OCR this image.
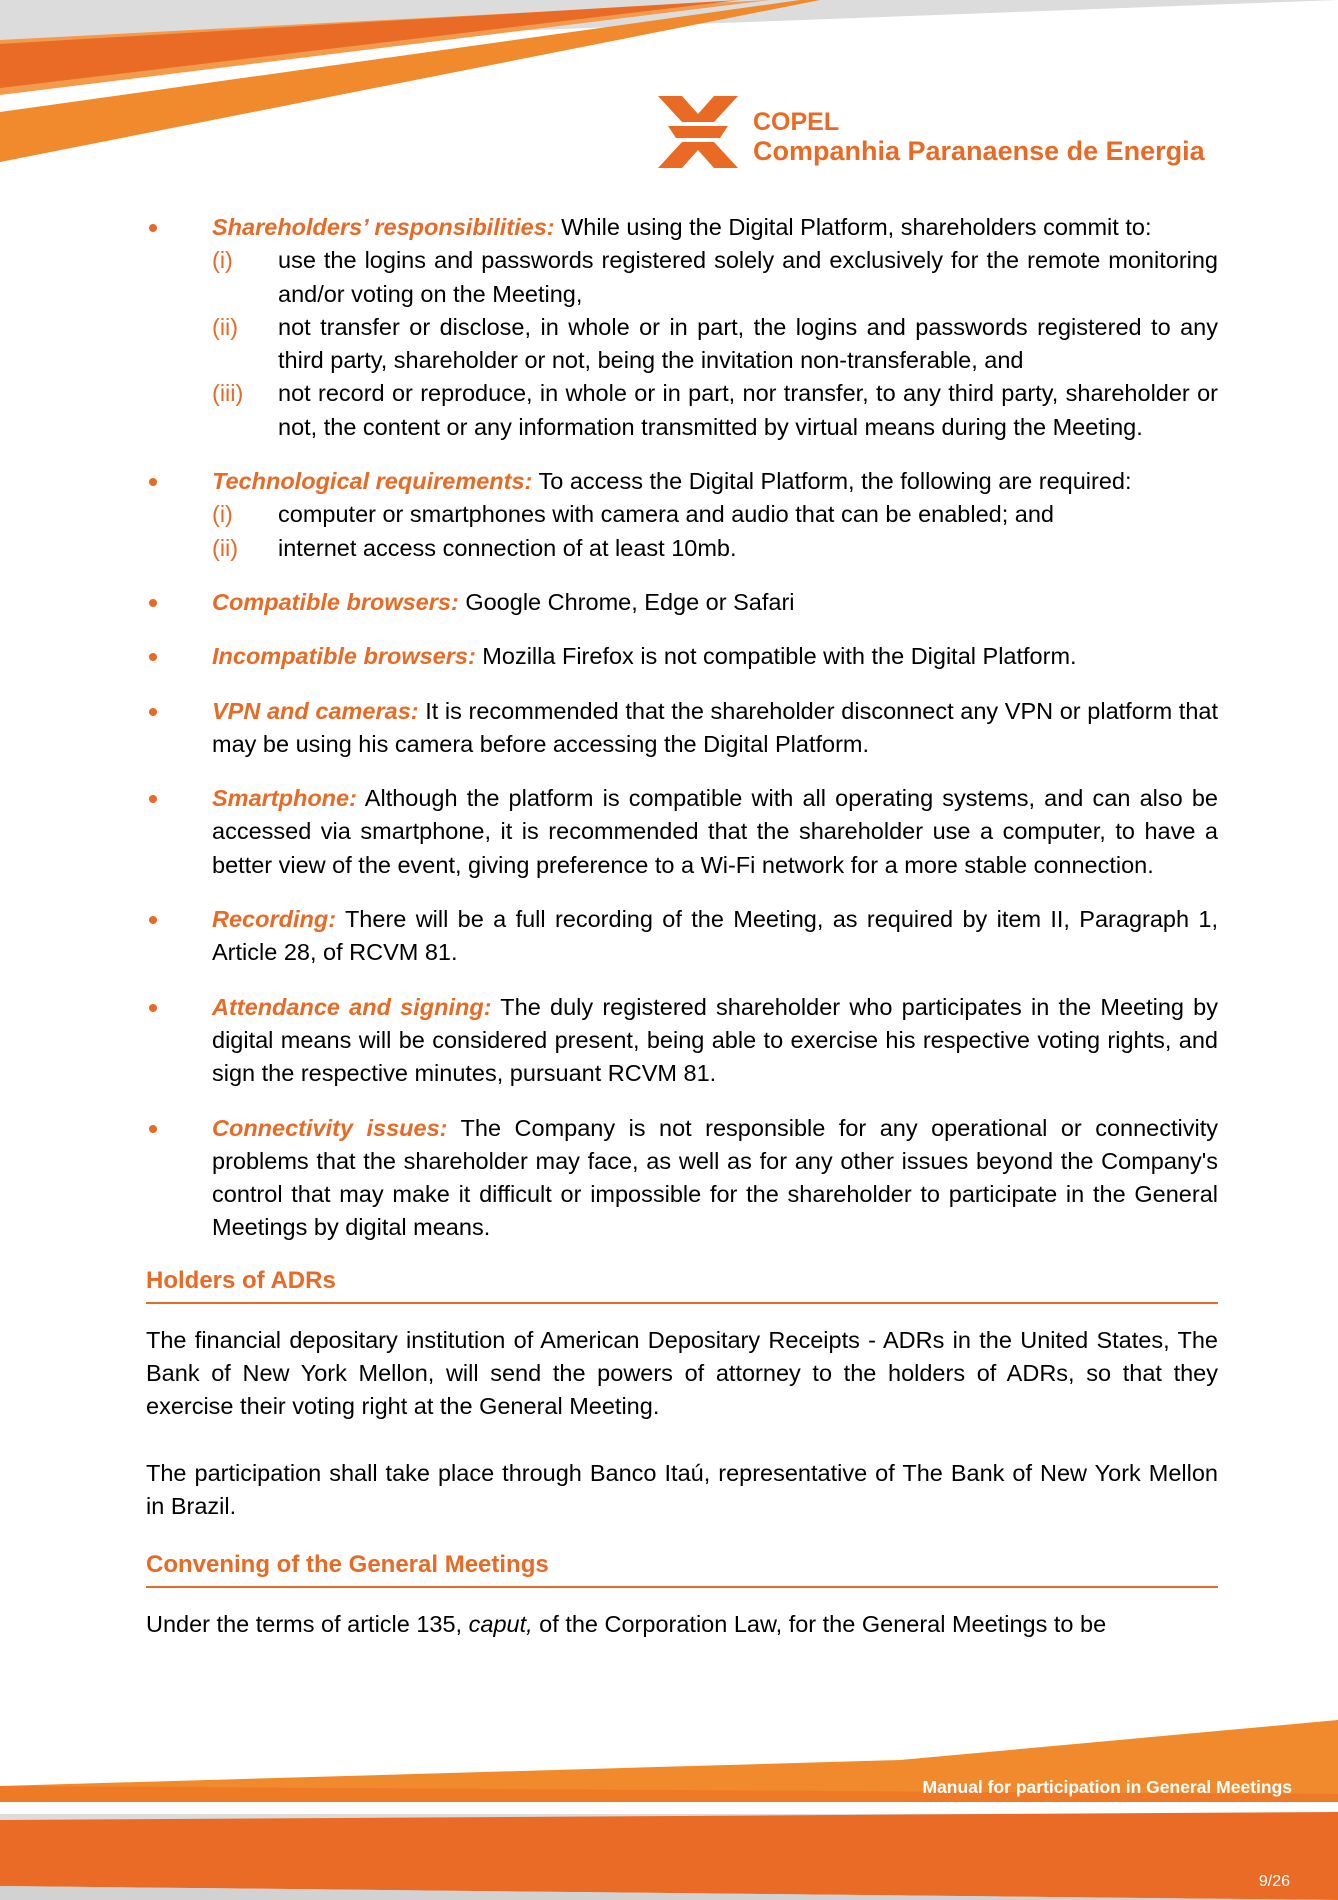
COPEL
Companhia Paranaense de Energia

Shareholders’ responsibilities: While using the Digital Platform, shareholders commit to:

(i) use the logins and passwords registered solely and exclusively for the remote monitoring and/or voting on the Meeting,
(ii) not transfer or disclose, in whole or in part, the logins and passwords registered to any third party, shareholder or not, being the invitation non-transferable, and
(iii) not record or reproduce, in whole or in part, nor transfer, to any third party, shareholder or not, the content or any information transmitted by virtual means during the Meeting.

Technological requirements: To access the Digital Platform, the following are required:

(i) computer or smartphones with camera and audio that can be enabled; and
(ii) internet access connection of at least 10mb.

Compatible browsers: Google Chrome, Edge or Safari

Incompatible browsers: Mozilla Firefox is not compatible with the Digital Platform.

VPN and cameras: It is recommended that the shareholder disconnect any VPN or platform that may be using his camera before accessing the Digital Platform.

Smartphone: Although the platform is compatible with all operating systems, and can also be accessed via smartphone, it is recommended that the shareholder use a computer, to have a better view of the event, giving preference to a Wi-Fi network for a more stable connection.

Recording: There will be a full recording of the Meeting, as required by item II, Paragraph 1, Article 28, of RCVM 81.

Attendance and signing: The duly registered shareholder who participates in the Meeting by digital means will be considered present, being able to exercise his respective voting rights, and sign the respective minutes, pursuant RCVM 81.

Connectivity issues: The Company is not responsible for any operational or connectivity problems that the shareholder may face, as well as for any other issues beyond the Company's control that may make it difficult or impossible for the shareholder to participate in the General Meetings by digital means.

Holders of ADRs

The financial depositary institution of American Depositary Receipts - ADRs in the United States, The Bank of New York Mellon, will send the powers of attorney to the holders of ADRs, so that they exercise their voting right at the General Meeting.

The participation shall take place through Banco Itaú, representative of The Bank of New York Mellon in Brazil.

Convening of the General Meetings

Under the terms of article 135, caput, of the Corporation Law, for the General Meetings to be

Manual for participation in General Meetings
9/26
